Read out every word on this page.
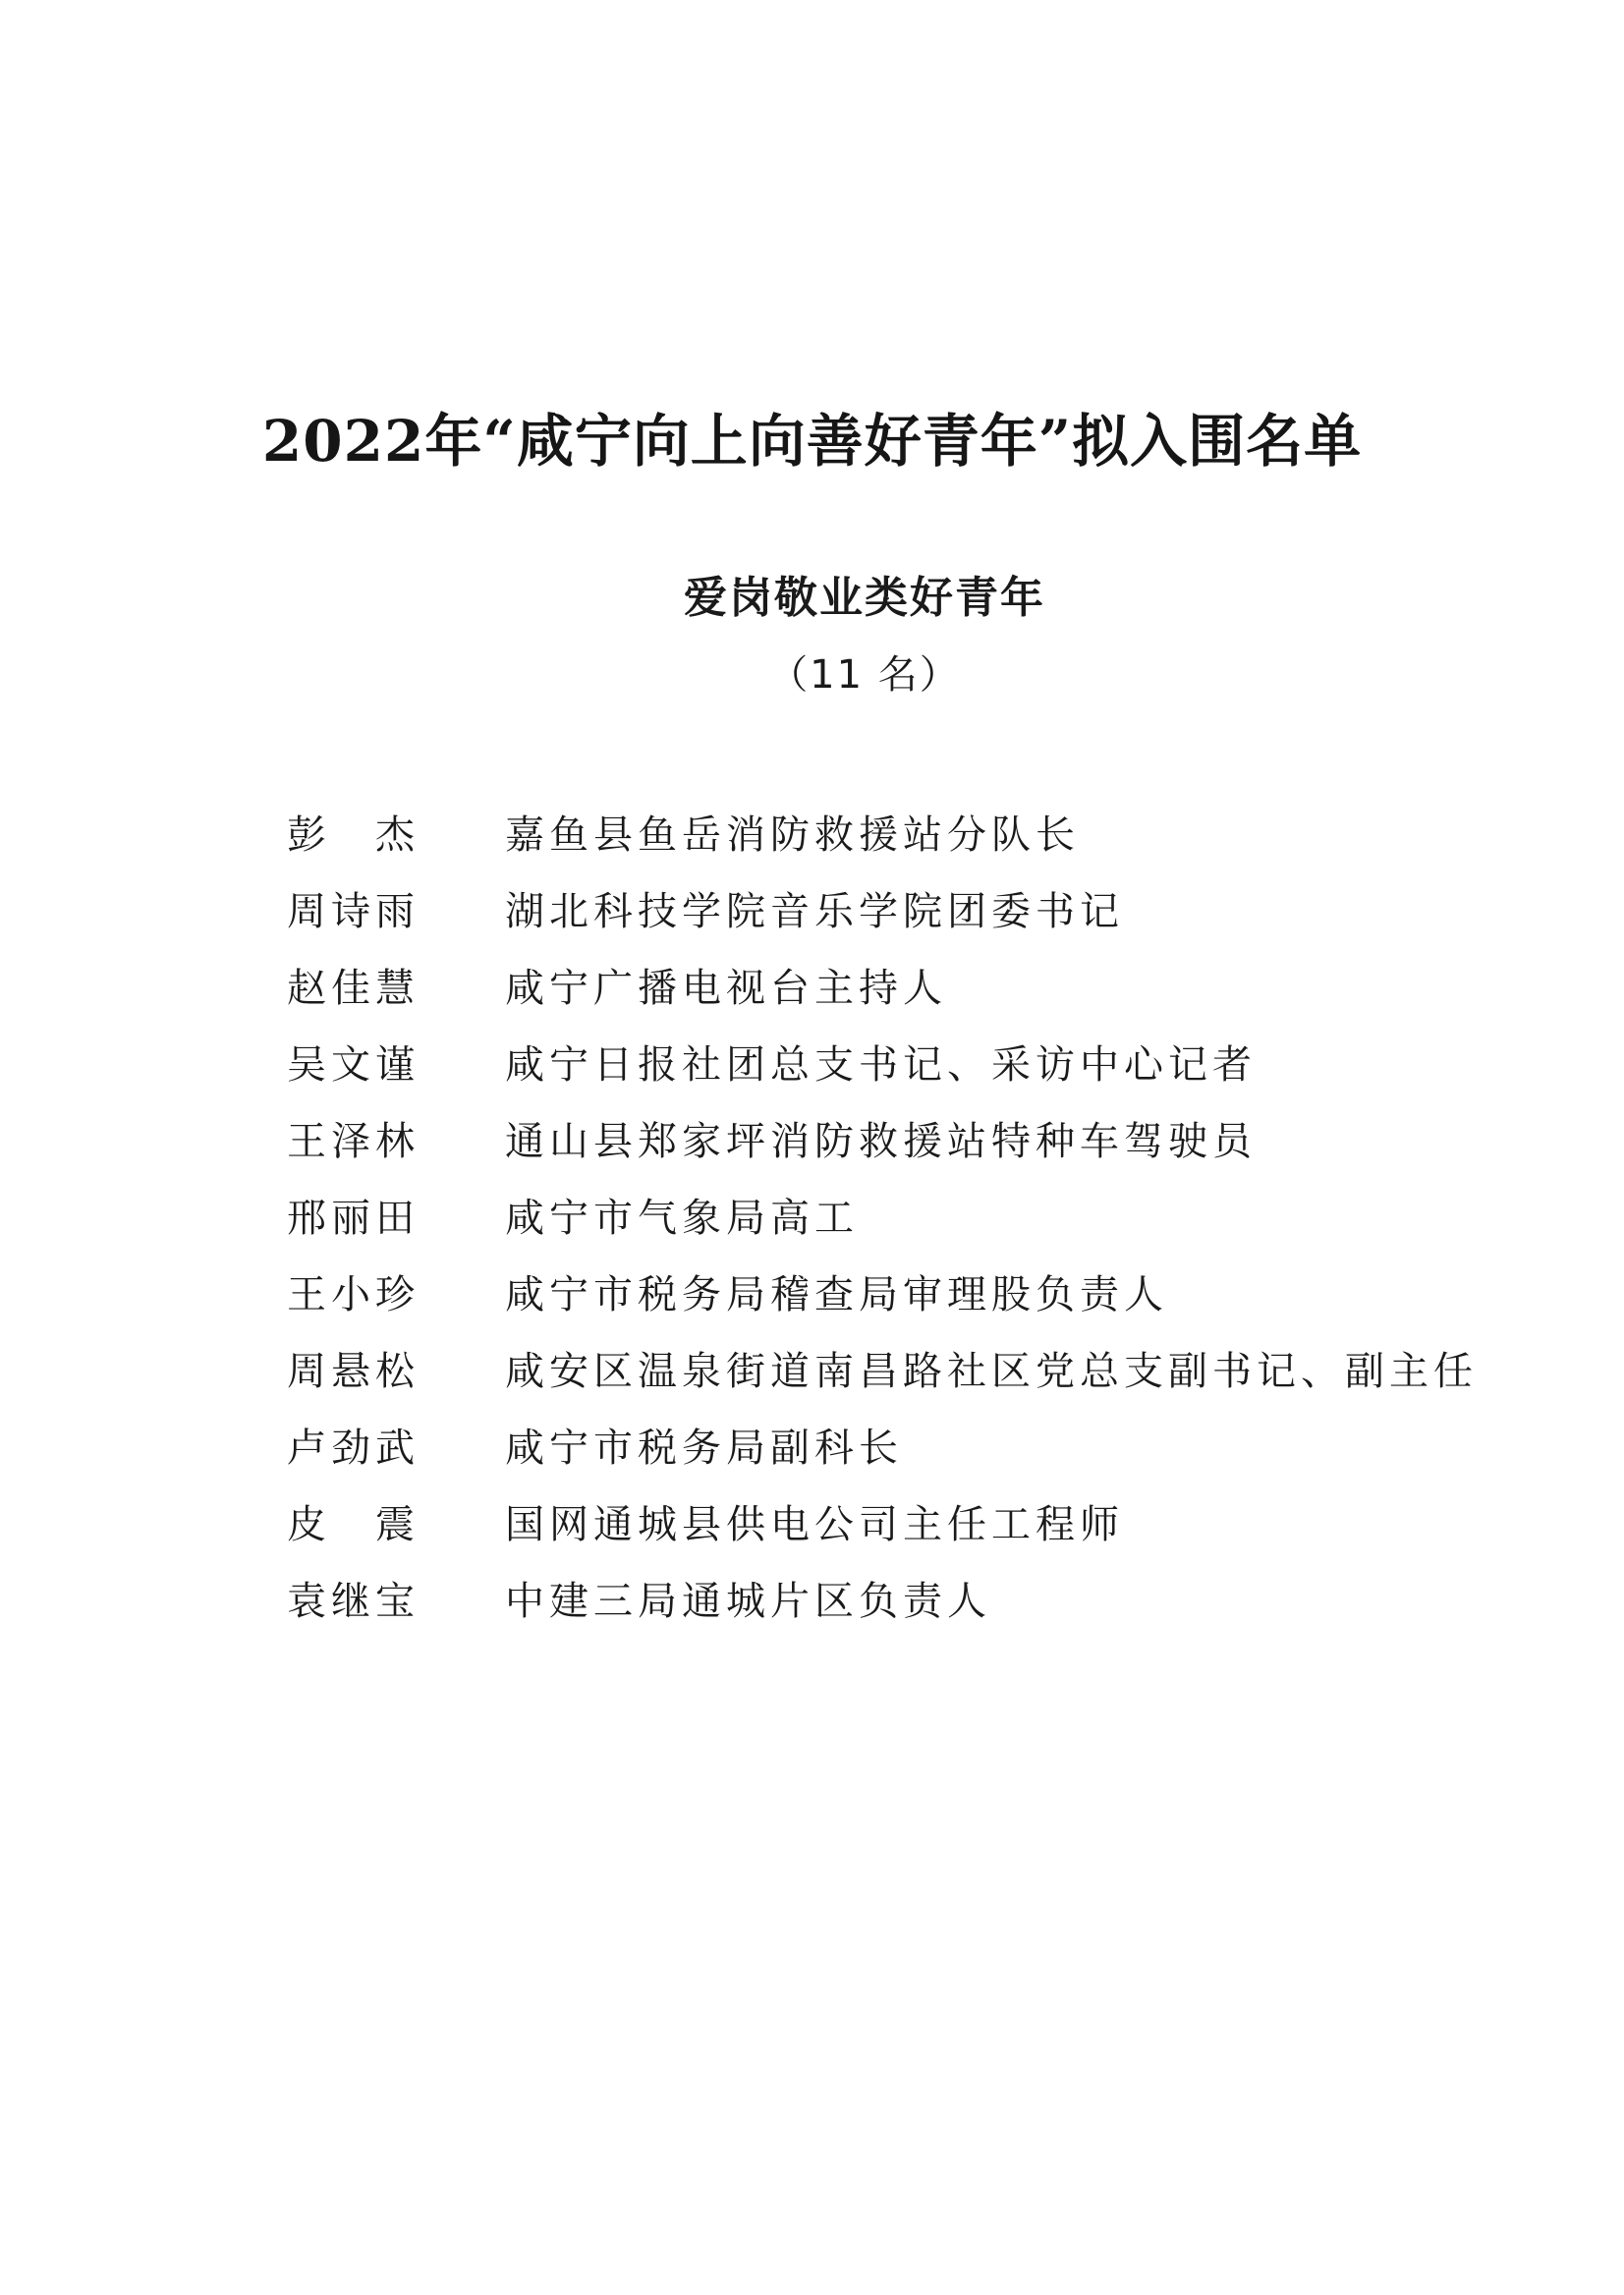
2022年“咸宁向上向善好青年”拟入围名单
爱岗敬业类好青年
（11 名）
彭　杰	嘉鱼县鱼岳消防救援站分队长
周诗雨	湖北科技学院音乐学院团委书记
赵佳慧	咸宁广播电视台主持人
吴文谨	咸宁日报社团总支书记、采访中心记者
王泽林	通山县郑家坪消防救援站特种车驾驶员
邢丽田	咸宁市气象局高工
王小珍	咸宁市税务局稽查局审理股负责人
周悬松	咸安区温泉街道南昌路社区党总支副书记、副主任
卢劲武	咸宁市税务局副科长
皮　震	国网通城县供电公司主任工程师
袁继宝	中建三局通城片区负责人
